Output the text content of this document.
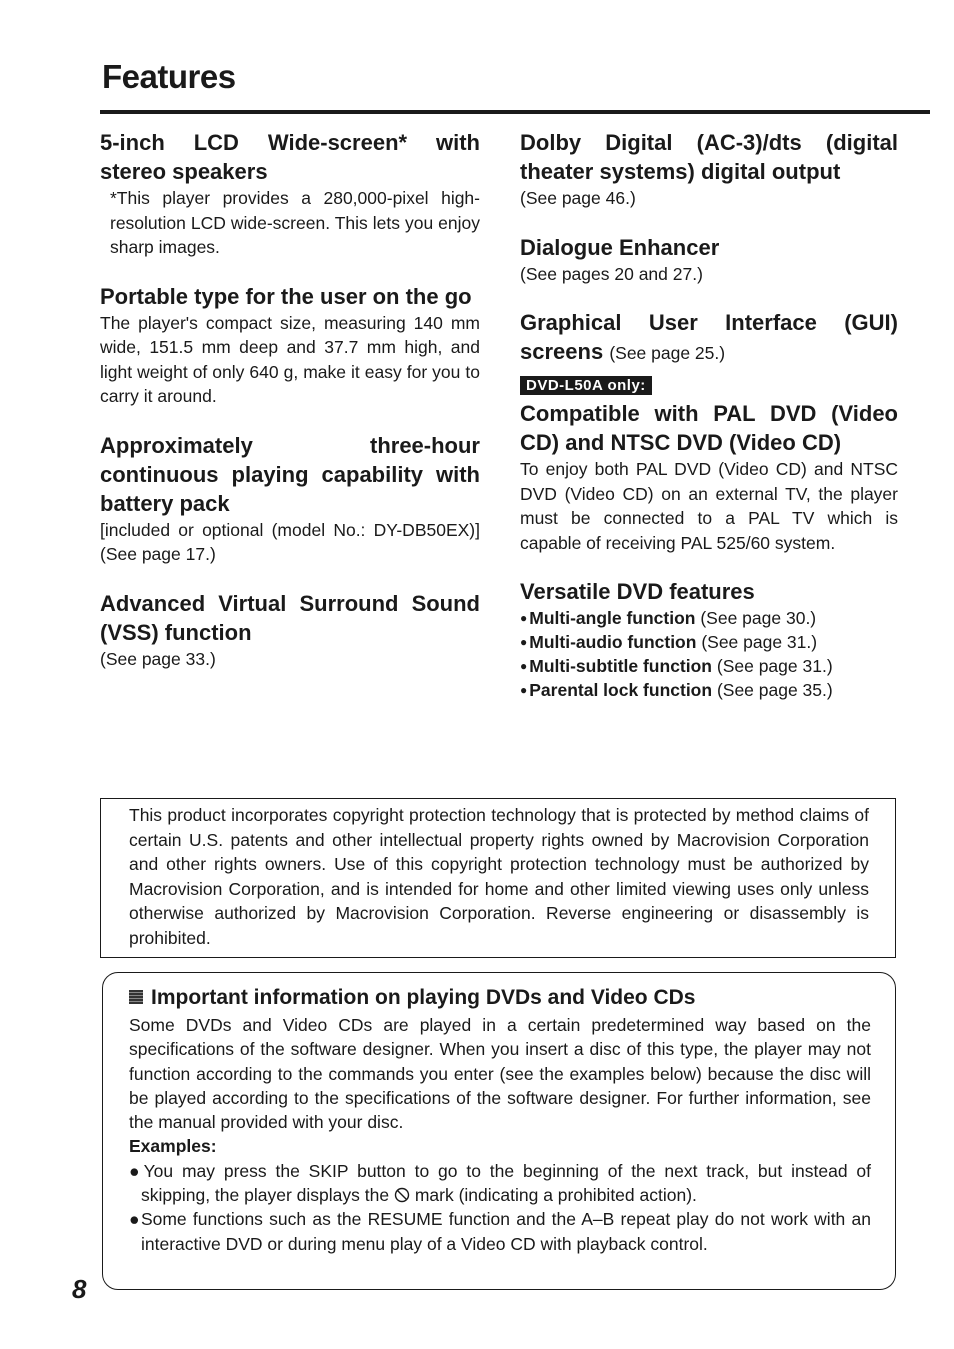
Features
5-inch LCD Wide-screen* with stereo speakers

*This player provides a 280,000-pixel high-resolution LCD wide-screen. This lets you enjoy sharp images.

Portable type for the user on the go

The player's compact size, measuring 140 mm wide, 151.5 mm deep and 37.7 mm high, and light weight of only 640 g, make it easy for you to carry it around.

Approximately three-hour continuous playing capability with battery pack

[included or optional (model No.: DY-DB50EX)] (See page 17.)

Advanced Virtual Surround Sound (VSS) function

(See page 33.)

Dolby Digital (AC-3)/dts (digital theater systems) digital output

(See page 46.)

Dialogue Enhancer

(See pages 20 and 27.)

Graphical User Interface (GUI) screens (See page 25.)
DVD-L50A only:
Compatible with PAL DVD (Video CD) and NTSC DVD (Video CD)

To enjoy both PAL DVD (Video CD) and NTSC DVD (Video CD) on an external TV, the player must be connected to a PAL TV which is capable of receiving PAL 525/60 system.

Versatile DVD features
● Multi-angle function (See page 30.)
● Multi-audio function (See page 31.)
● Multi-subtitle function (See page 31.)
● Parental lock function (See page 35.)

This product incorporates copyright protection technology that is protected by method claims of certain U.S. patents and other intellectual property rights owned by Macrovision Corporation and other rights owners. Use of this copyright protection technology must be authorized by Macrovision Corporation, and is intended for home and other limited viewing uses only unless otherwise authorized by Macrovision Corporation. Reverse engineering or disassembly is prohibited.

Important information on playing DVDs and Video CDs

Some DVDs and Video CDs are played in a certain predetermined way based on the specifications of the software designer. When you insert a disc of this type, the player may not function according to the commands you enter (see the examples below) because the disc will be played according to the specifications of the software designer. For further information, see the manual provided with your disc.

Examples:

●You may press the SKIP button to go to the beginning of the next track, but instead of skipping, the player displays the mark (indicating a prohibited action).
●Some functions such as the RESUME function and the A–B repeat play do not work with an interactive DVD or during menu play of a Video CD with playback control.
8
